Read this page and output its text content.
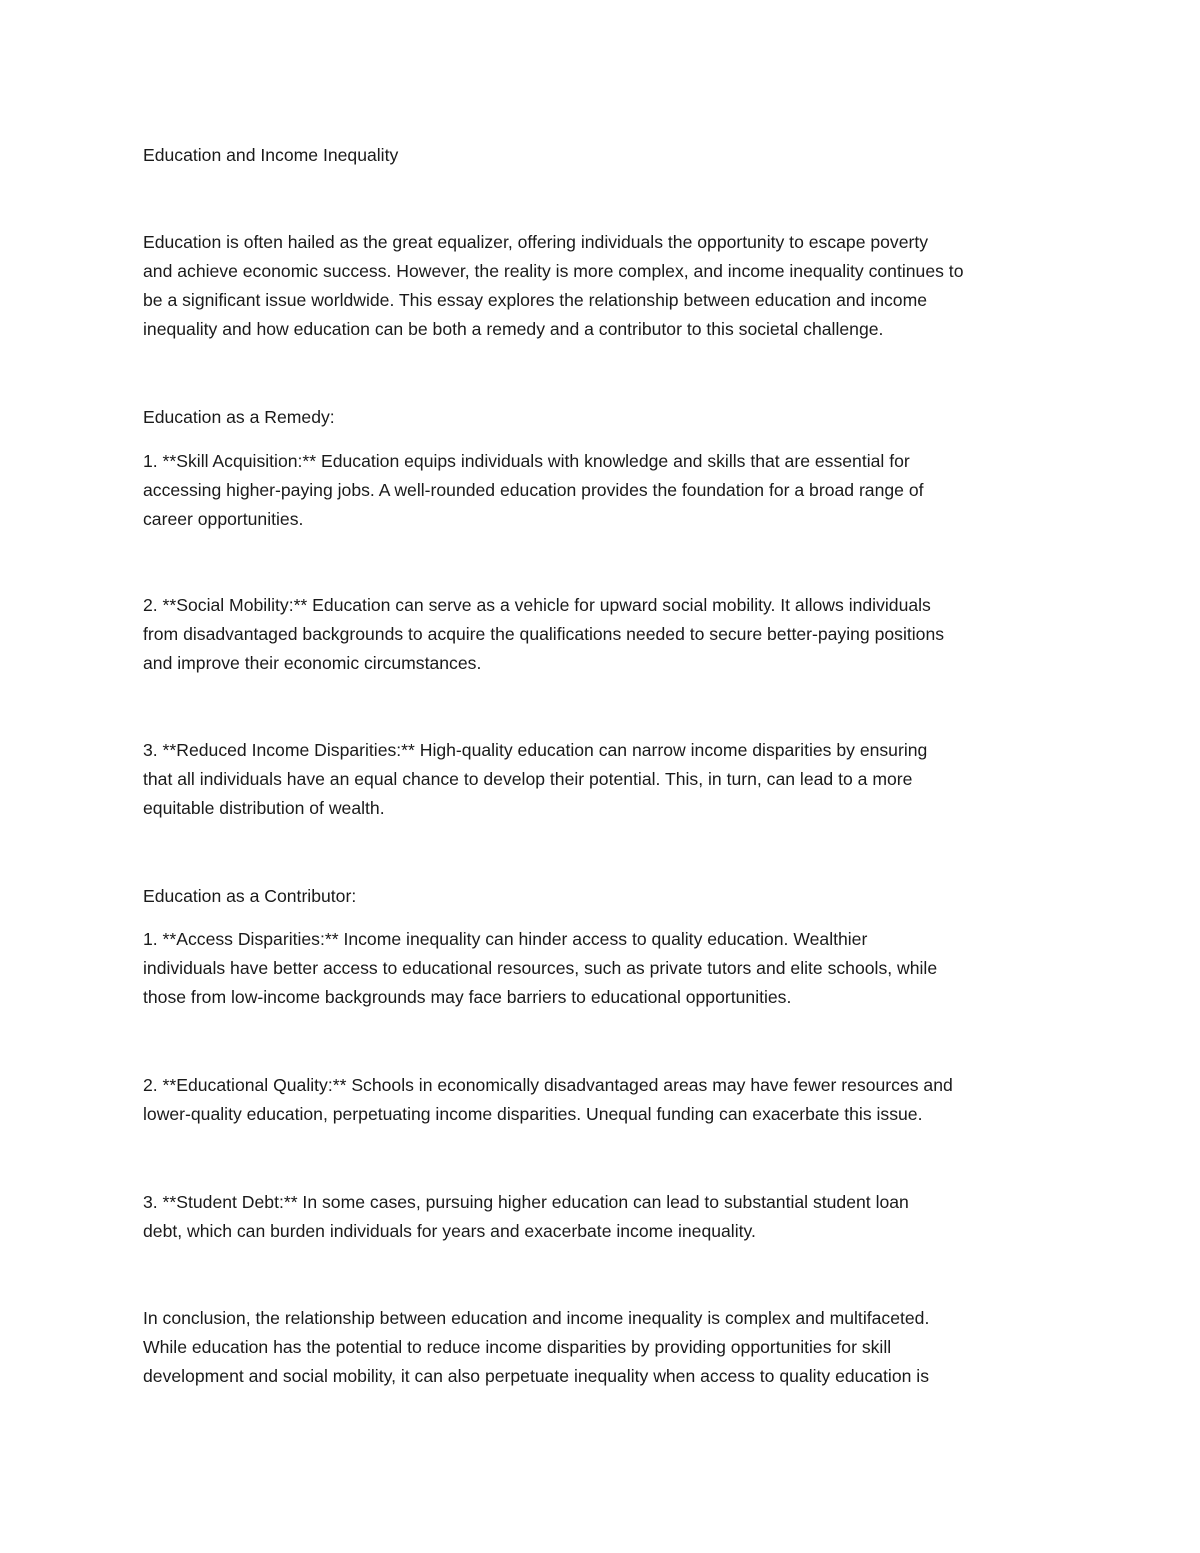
Education and Income Inequality

Education is often hailed as the great equalizer, offering individuals the opportunity to escape poverty
and achieve economic success. However, the reality is more complex, and income inequality continues to
be a significant issue worldwide. This essay explores the relationship between education and income
inequality and how education can be both a remedy and a contributor to this societal challenge.

Education as a Remedy:

1. **Skill Acquisition:** Education equips individuals with knowledge and skills that are essential for
accessing higher-paying jobs. A well-rounded education provides the foundation for a broad range of
career opportunities.

2. **Social Mobility:** Education can serve as a vehicle for upward social mobility. It allows individuals
from disadvantaged backgrounds to acquire the qualifications needed to secure better-paying positions
and improve their economic circumstances.

3. **Reduced Income Disparities:** High-quality education can narrow income disparities by ensuring
that all individuals have an equal chance to develop their potential. This, in turn, can lead to a more
equitable distribution of wealth.

Education as a Contributor:

1. **Access Disparities:** Income inequality can hinder access to quality education. Wealthier
individuals have better access to educational resources, such as private tutors and elite schools, while
those from low-income backgrounds may face barriers to educational opportunities.

2. **Educational Quality:** Schools in economically disadvantaged areas may have fewer resources and
lower-quality education, perpetuating income disparities. Unequal funding can exacerbate this issue.

3. **Student Debt:** In some cases, pursuing higher education can lead to substantial student loan
debt, which can burden individuals for years and exacerbate income inequality.

In conclusion, the relationship between education and income inequality is complex and multifaceted.
While education has the potential to reduce income disparities by providing opportunities for skill
development and social mobility, it can also perpetuate inequality when access to quality education is
